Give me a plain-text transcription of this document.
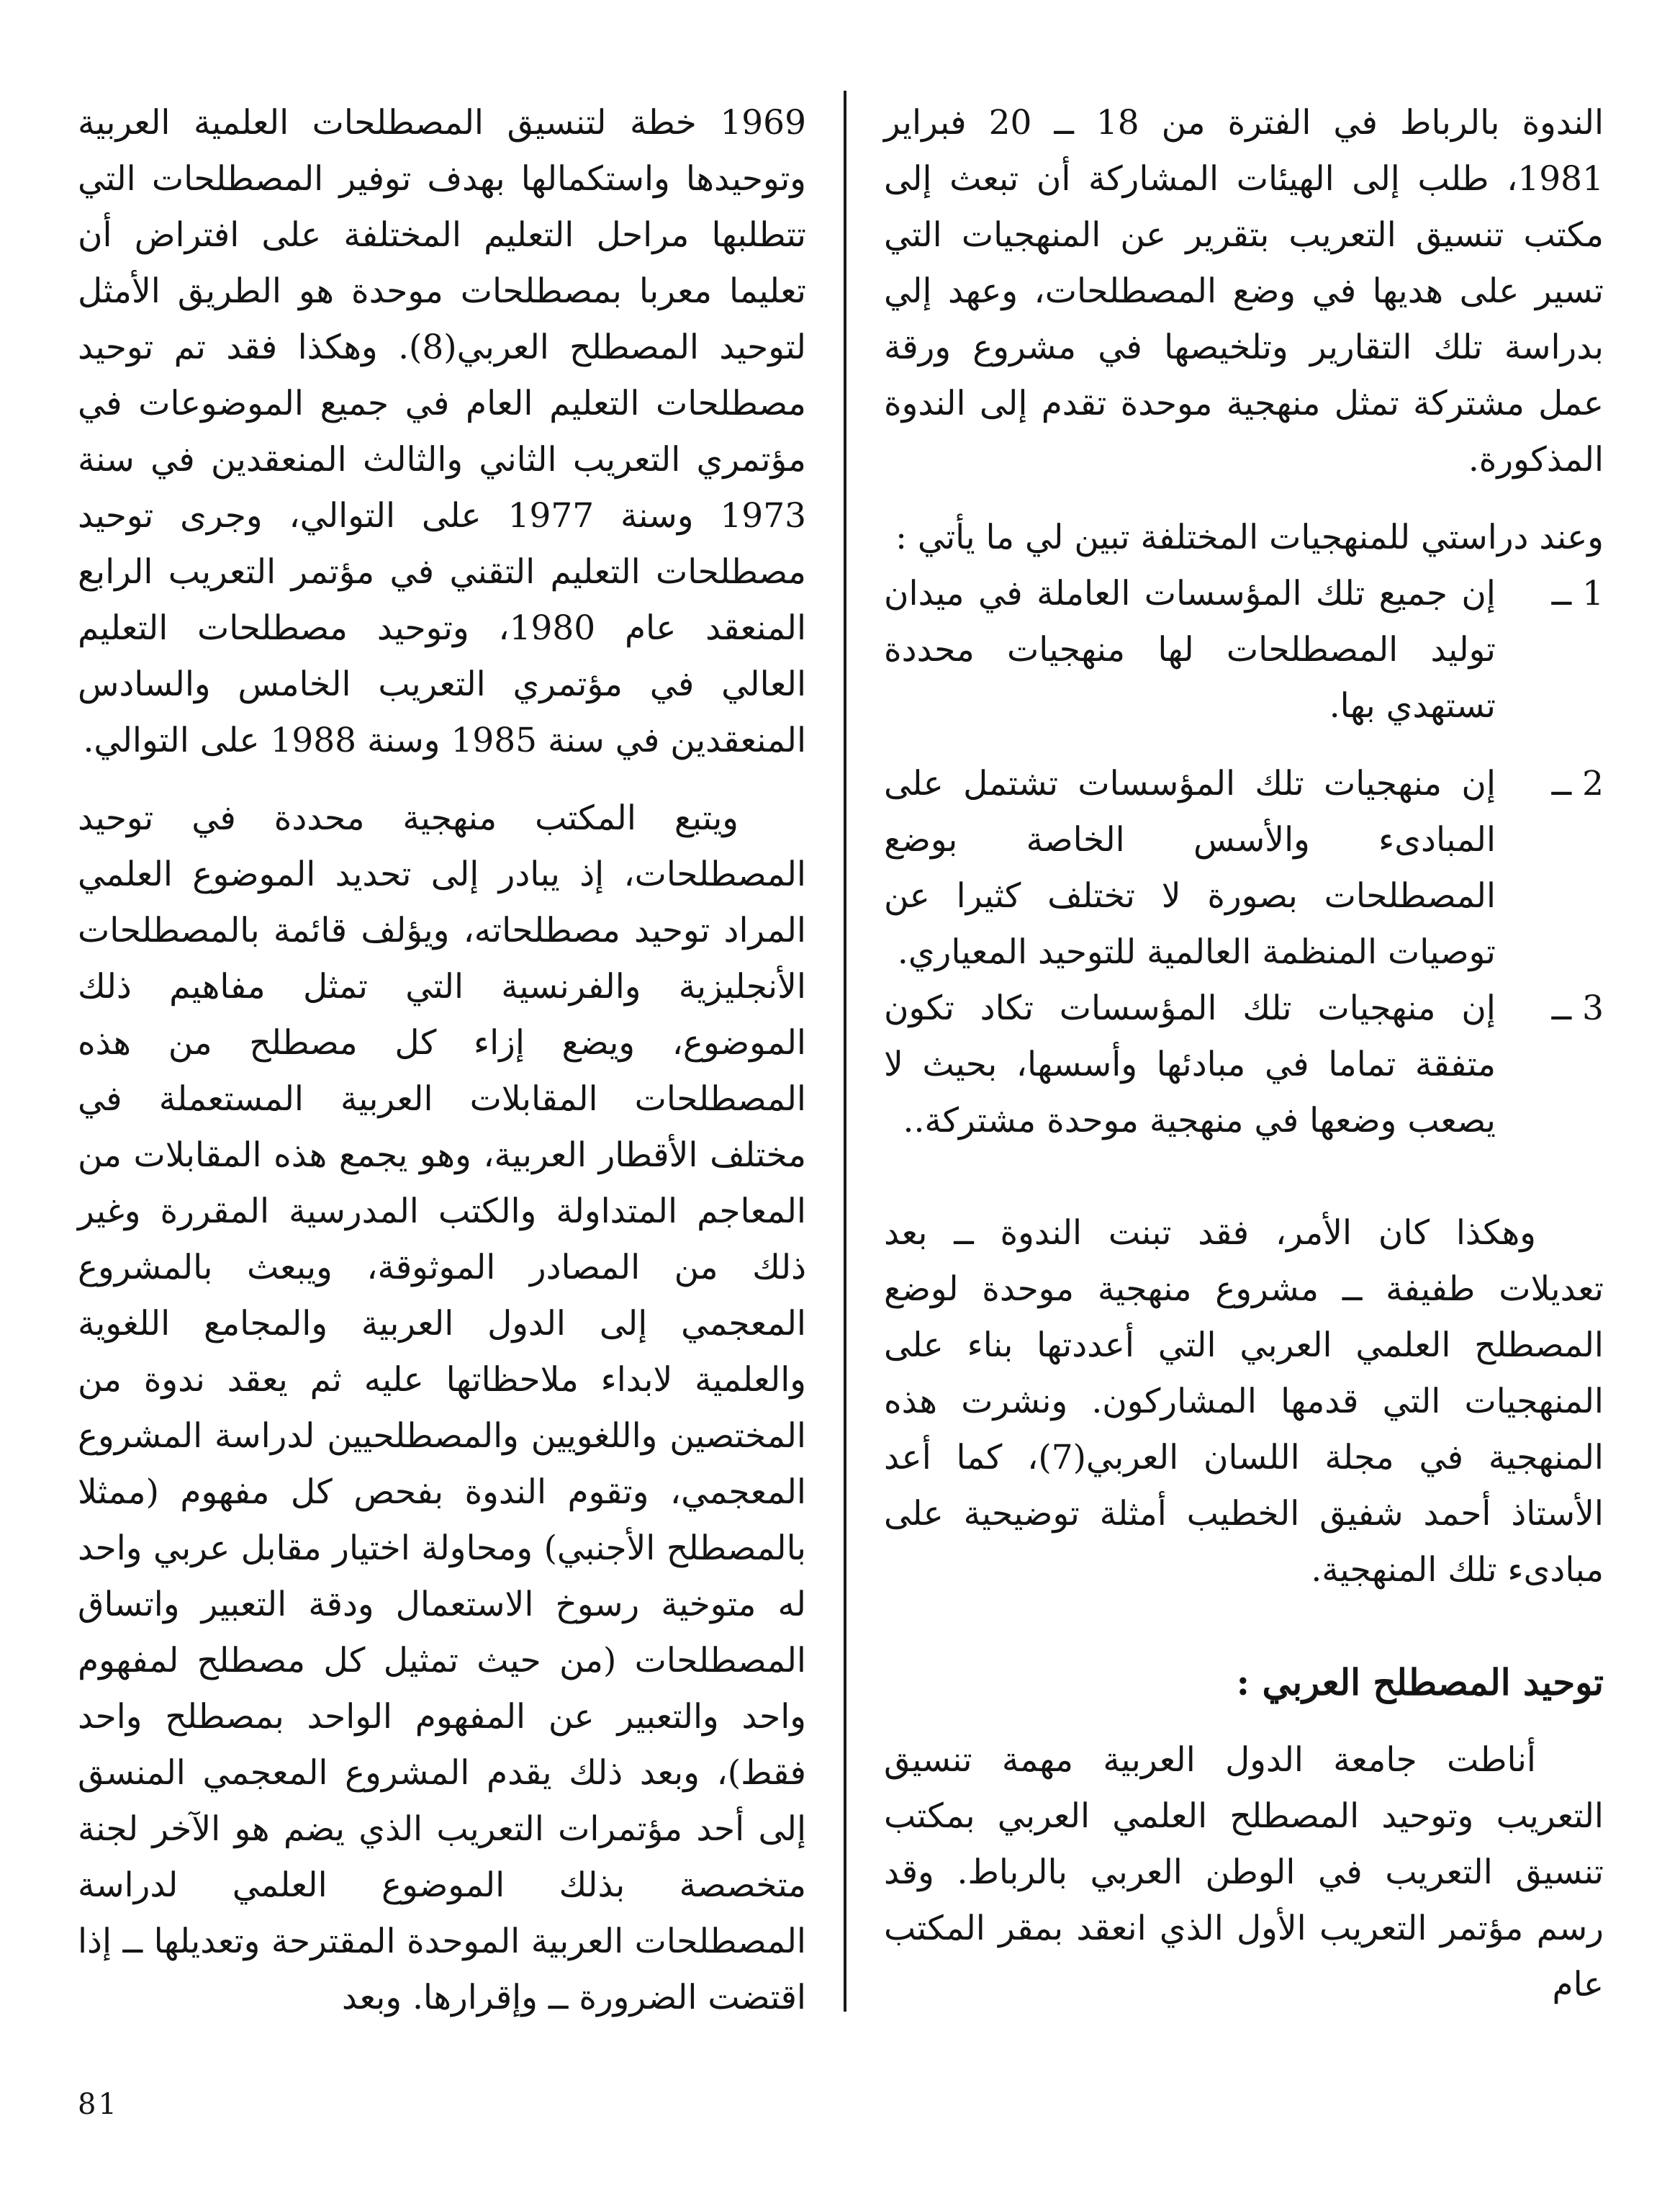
الندوة بالرباط في الفترة من 18 ــ 20 فبراير 1981، طلب إلى الهيئات المشاركة أن تبعث إلى مكتب تنسيق التعريب بتقرير عن المنهجيات التي تسير على هديها في وضع المصطلحات، وعهد إلي بدراسة تلك التقارير وتلخيصها في مشروع ورقة عمل مشتركة تمثل منهجية موحدة تقدم إلى الندوة المذكورة.

وعند دراستي للمنهجيات المختلفة تبين لي ما يأتي :

1 ــ

إن جميع تلك المؤسسات العاملة في ميدان توليد المصطلحات لها منهجيات محددة تستهدي بها.

2 ــ

إن منهجيات تلك المؤسسات تشتمل على المبادىء والأسس الخاصة بوضع المصطلحات بصورة لا تختلف كثيرا عن توصيات المنظمة العالمية للتوحيد المعياري.

3 ــ

إن منهجيات تلك المؤسسات تكاد تكون متفقة تماما في مبادئها وأسسها، بحيث لا يصعب وضعها في منهجية موحدة مشتركة..

وهكذا كان الأمر، فقد تبنت الندوة ــ بعد تعديلات طفيفة ــ مشروع منهجية موحدة لوضع المصطلح العلمي العربي التي أعددتها بناء على المنهجيات التي قدمها المشاركون. ونشرت هذه المنهجية في مجلة اللسان العربي(7)، كما أعد الأستاذ أحمد شفيق الخطيب أمثلة توضيحية على مبادىء تلك المنهجية.

توحيد المصطلح العربي :

أناطت جامعة الدول العربية مهمة تنسيق التعريب وتوحيد المصطلح العلمي العربي بمكتب تنسيق التعريب في الوطن العربي بالرباط. وقد رسم مؤتمر التعريب الأول الذي انعقد بمقر المكتب عام

1969 خطة لتنسيق المصطلحات العلمية العربية وتوحيدها واستكمالها بهدف توفير المصطلحات التي تتطلبها مراحل التعليم المختلفة على افتراض أن تعليما معربا بمصطلحات موحدة هو الطريق الأمثل لتوحيد المصطلح العربي(8). وهكذا فقد تم توحيد مصطلحات التعليم العام في جميع الموضوعات في مؤتمري التعريب الثاني والثالث المنعقدين في سنة 1973 وسنة 1977 على التوالي، وجرى توحيد مصطلحات التعليم التقني في مؤتمر التعريب الرابع المنعقد عام 1980، وتوحيد مصطلحات التعليم العالي في مؤتمري التعريب الخامس والسادس المنعقدين في سنة 1985 وسنة 1988 على التوالي.

ويتبع المكتب منهجية محددة في توحيد المصطلحات، إذ يبادر إلى تحديد الموضوع العلمي المراد توحيد مصطلحاته، ويؤلف قائمة بالمصطلحات الأنجليزية والفرنسية التي تمثل مفاهيم ذلك الموضوع، ويضع إزاء كل مصطلح من هذه المصطلحات المقابلات العربية المستعملة في مختلف الأقطار العربية، وهو يجمع هذه المقابلات من المعاجم المتداولة والكتب المدرسية المقررة وغير ذلك من المصادر الموثوقة، ويبعث بالمشروع المعجمي إلى الدول العربية والمجامع اللغوية والعلمية لابداء ملاحظاتها عليه ثم يعقد ندوة من المختصين واللغويين والمصطلحيين لدراسة المشروع المعجمي، وتقوم الندوة بفحص كل مفهوم (ممثلا بالمصطلح الأجنبي) ومحاولة اختيار مقابل عربي واحد له متوخية رسوخ الاستعمال ودقة التعبير واتساق المصطلحات (من حيث تمثيل كل مصطلح لمفهوم واحد والتعبير عن المفهوم الواحد بمصطلح واحد فقط)، وبعد ذلك يقدم المشروع المعجمي المنسق إلى أحد مؤتمرات التعريب الذي يضم هو الآخر لجنة متخصصة بذلك الموضوع العلمي لدراسة المصطلحات العربية الموحدة المقترحة وتعديلها ــ إذا اقتضت الضرورة ــ وإقرارها. وبعد

81
